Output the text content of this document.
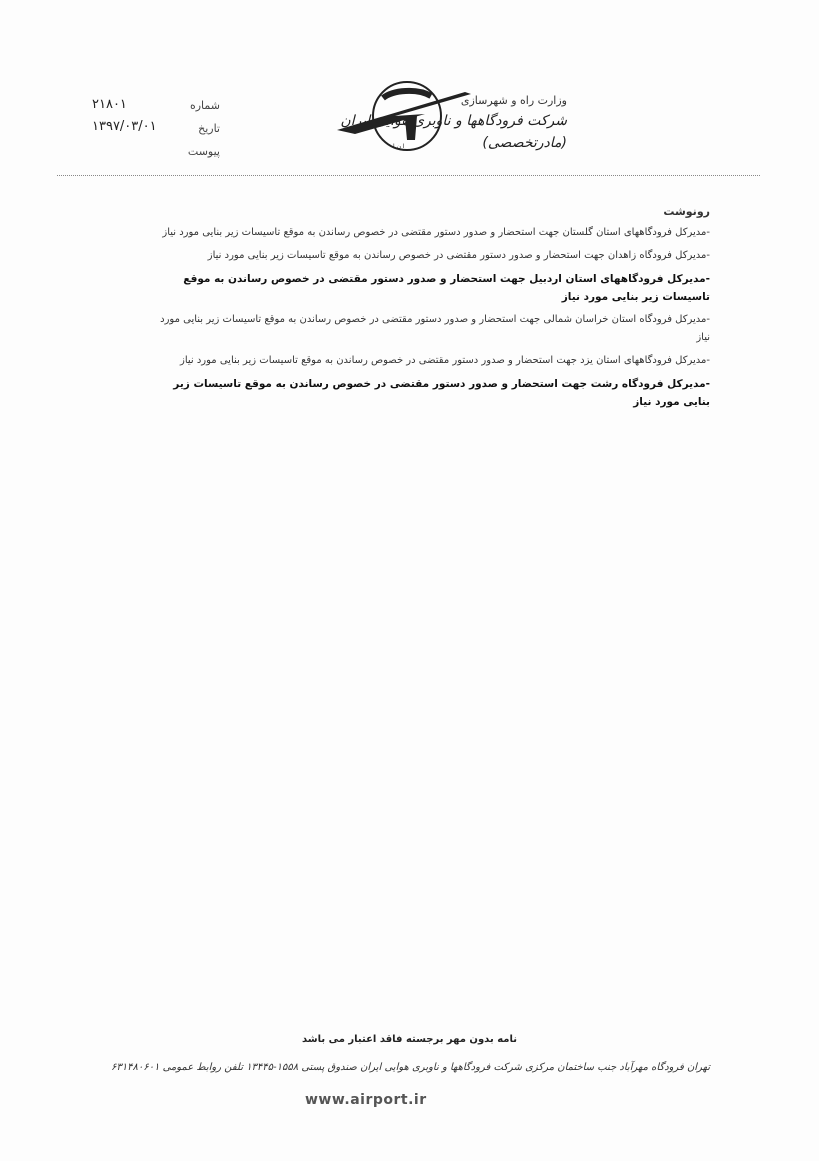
۲۱۸۰۱
۱۳۹۷/۰۳/۰۱
شماره
تاریخ
پیوست	ا ن ا
وزارت راه و شهرسازی
شرکت فرودگاهها و ناوبری هوایی ایران (مادرتخصصی)
رونوشت
-مدیرکل فرودگاههای استان گلستان جهت استحضار و صدور دستور مقتضی در خصوص رساندن به موقع تاسیسات زیر بنایی مورد نیاز
-مدیرکل فرودگاه زاهدان جهت استحضار و صدور دستور مقتضی در خصوص رساندن به موقع تاسیسات زیر بنایی مورد نیاز
-مدیرکل فرودگاههای استان اردبیل جهت استحضار و صدور دستور مقتضی در خصوص رساندن به موقع تاسیسات زیر بنایی مورد نیاز
-مدیرکل فرودگاه استان خراسان شمالی جهت استحضار و صدور دستور مقتضی در خصوص رساندن به موقع تاسیسات زیر بنایی مورد نیاز
-مدیرکل فرودگاههای استان یزد جهت استحضار و صدور دستور مقتضی در خصوص رساندن به موقع تاسیسات زیر بنایی مورد نیاز
-مدیرکل فرودگاه رشت جهت استحضار و صدور دستور مقتضی در خصوص رساندن به موقع تاسیسات زیر بنایی مورد نیاز
نامه بدون مهر برجسته فاقد اعتبار می باشد
تهران فرودگاه مهرآباد جنب ساختمان مرکزی شرکت فرودگاهها و ناوبری هوایی ایران صندوق پستی ۱۵۵۸-۱۳۴۴۵ تلفن روابط عمومی ۶۳۱۴۸۰۶۰۱
www.airport.ir
